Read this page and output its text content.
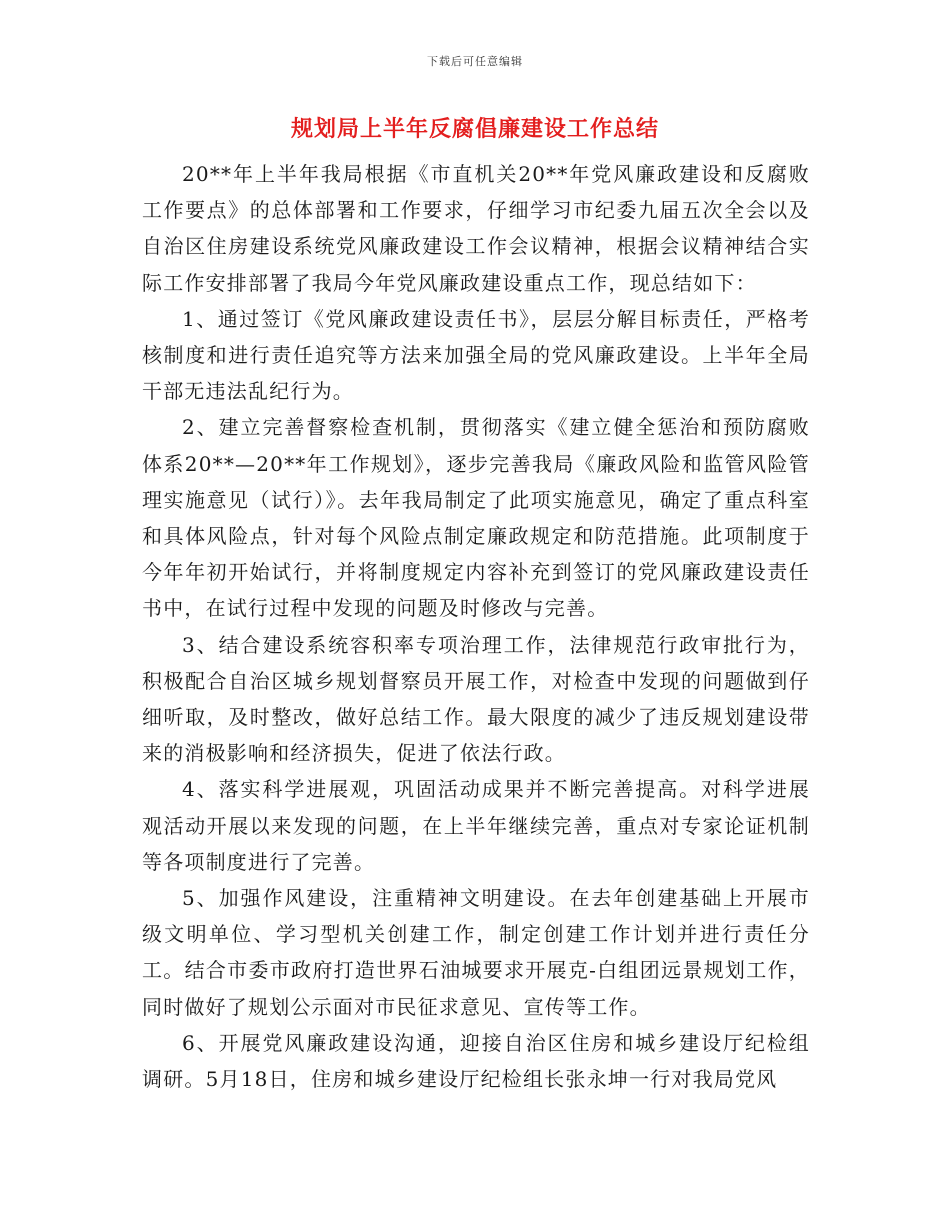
下载后可任意编辑
规划局上半年反腐倡廉建设工作总结

20**年上半年我局根据《市直机关20**年党风廉政建设和反腐败工作要点》的总体部署和工作要求，仔细学习市纪委九届五次全会以及自治区住房建设系统党风廉政建设工作会议精神，根据会议精神结合实际工作安排部署了我局今年党风廉政建设重点工作，现总结如下：

1、通过签订《党风廉政建设责任书》，层层分解目标责任，严格考核制度和进行责任追究等方法来加强全局的党风廉政建设。上半年全局干部无违法乱纪行为。

2、建立完善督察检查机制，贯彻落实《建立健全惩治和预防腐败体系20**—20**年工作规划》，逐步完善我局《廉政风险和监管风险管理实施意见（试行）》。去年我局制定了此项实施意见，确定了重点科室和具体风险点，针对每个风险点制定廉政规定和防范措施。此项制度于今年年初开始试行，并将制度规定内容补充到签订的党风廉政建设责任书中，在试行过程中发现的问题及时修改与完善。

3、结合建设系统容积率专项治理工作，法律规范行政审批行为，积极配合自治区城乡规划督察员开展工作，对检查中发现的问题做到仔细听取，及时整改，做好总结工作。最大限度的减少了违反规划建设带来的消极影响和经济损失，促进了依法行政。

4、落实科学进展观，巩固活动成果并不断完善提高。对科学进展观活动开展以来发现的问题，在上半年继续完善，重点对专家论证机制等各项制度进行了完善。

5、加强作风建设，注重精神文明建设。在去年创建基础上开展市级文明单位、学习型机关创建工作，制定创建工作计划并进行责任分工。结合市委市政府打造世界石油城要求开展克-白组团远景规划工作，同时做好了规划公示面对市民征求意见、宣传等工作。

6、开展党风廉政建设沟通，迎接自治区住房和城乡建设厅纪检组调研。5月18日，住房和城乡建设厅纪检组长张永坤一行对我局党风
